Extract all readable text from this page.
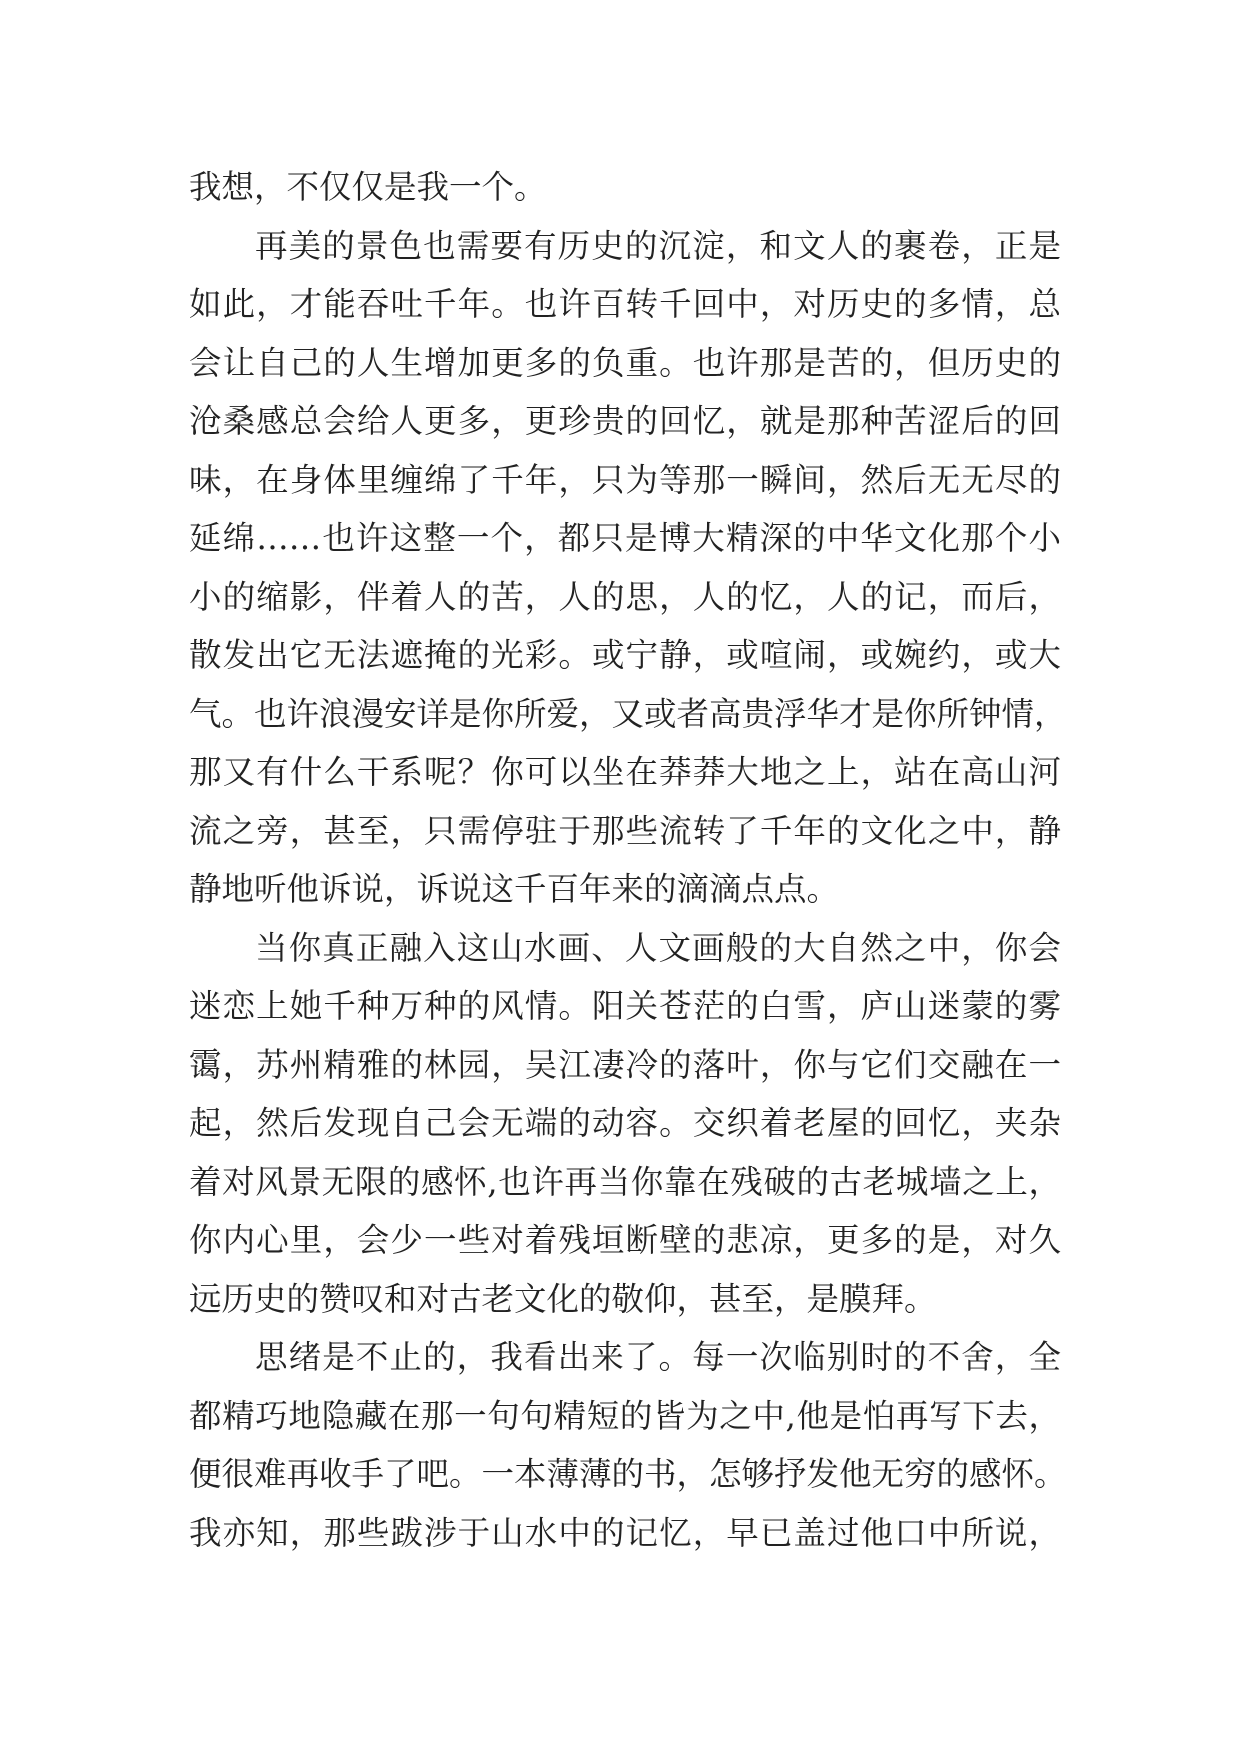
我想，不仅仅是我一个。
再美的景色也需要有历史的沉淀，和文人的裹卷，正是
如此，才能吞吐千年。也许百转千回中，对历史的多情，总
会让自己的人生增加更多的负重。也许那是苦的，但历史的
沧桑感总会给人更多，更珍贵的回忆，就是那种苦涩后的回
味，在身体里缠绵了千年，只为等那一瞬间，然后无无尽的
延绵……也许这整一个，都只是博大精深的中华文化那个小
小的缩影，伴着人的苦，人的思，人的忆，人的记，而后，
散发出它无法遮掩的光彩。或宁静，或喧闹，或婉约，或大
气。也许浪漫安详是你所爱，又或者高贵浮华才是你所钟情，
那又有什么干系呢？你可以坐在莽莽大地之上，站在高山河
流之旁，甚至，只需停驻于那些流转了千年的文化之中，静
静地听他诉说，诉说这千百年来的滴滴点点。
当你真正融入这山水画、人文画般的大自然之中，你会
迷恋上她千种万种的风情。阳关苍茫的白雪，庐山迷蒙的雾
霭，苏州精雅的林园，吴江凄冷的落叶，你与它们交融在一
起，然后发现自己会无端的动容。交织着老屋的回忆，夹杂
着对风景无限的感怀,也许再当你靠在残破的古老城墙之上，
你内心里，会少一些对着残垣断壁的悲凉，更多的是，对久
远历史的赞叹和对古老文化的敬仰，甚至，是膜拜。
思绪是不止的，我看出来了。每一次临别时的不舍，全
都精巧地隐藏在那一句句精短的皆为之中,他是怕再写下去，
便很难再收手了吧。一本薄薄的书，怎够抒发他无穷的感怀。
我亦知，那些跋涉于山水中的记忆，早已盖过他口中所说，
